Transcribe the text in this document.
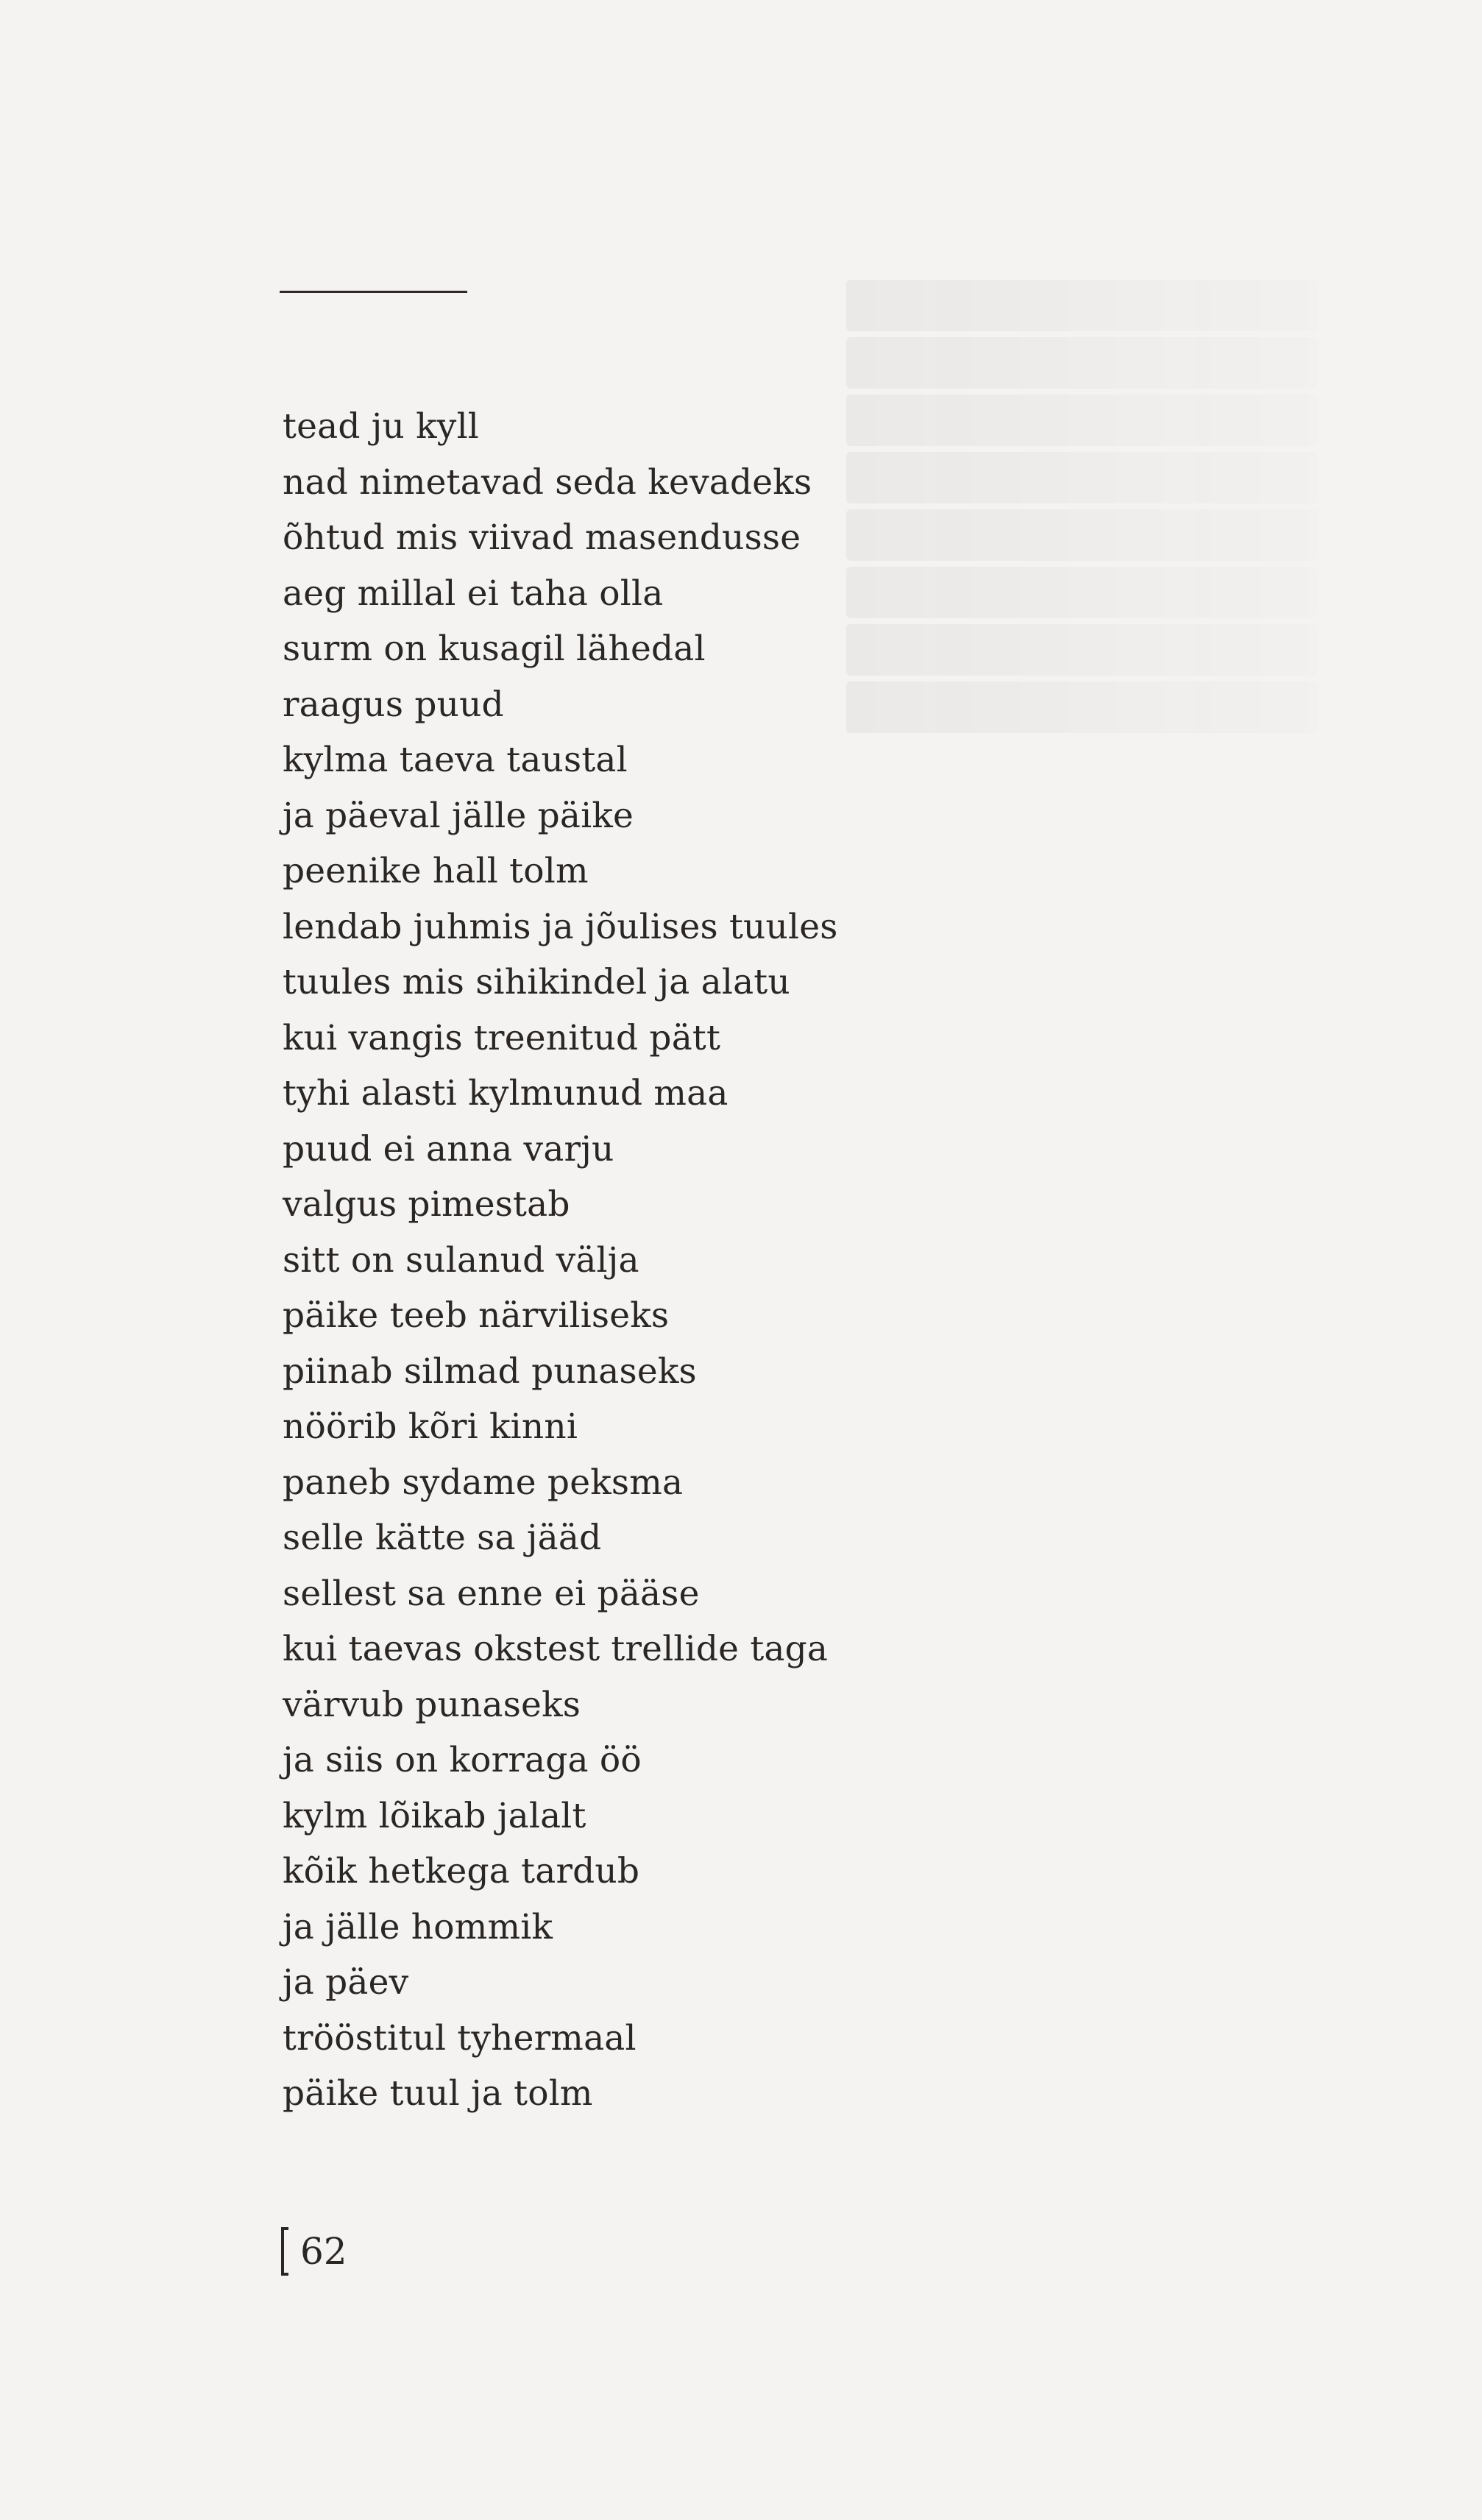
tead ju kyll
nad nimetavad seda kevadeks
õhtud mis viivad masendusse
aeg millal ei taha olla
surm on kusagil lähedal
raagus puud
kylma taeva taustal
ja päeval jälle päike
peenike hall tolm
lendab juhmis ja jõulises tuules
tuules mis sihikindel ja alatu
kui vangis treenitud pätt
tyhi alasti kylmunud maa
puud ei anna varju
valgus pimestab
sitt on sulanud välja
päike teeb närviliseks
piinab silmad punaseks
nöörib kõri kinni
paneb sydame peksma
selle kätte sa jääd
sellest sa enne ei pääse
kui taevas okstest trellide taga
värvub punaseks
ja siis on korraga öö
kylm lõikab jalalt
kõik hetkega tardub
ja jälle hommik
ja päev
trööstitul tyhermaal
päike tuul ja tolm
62
